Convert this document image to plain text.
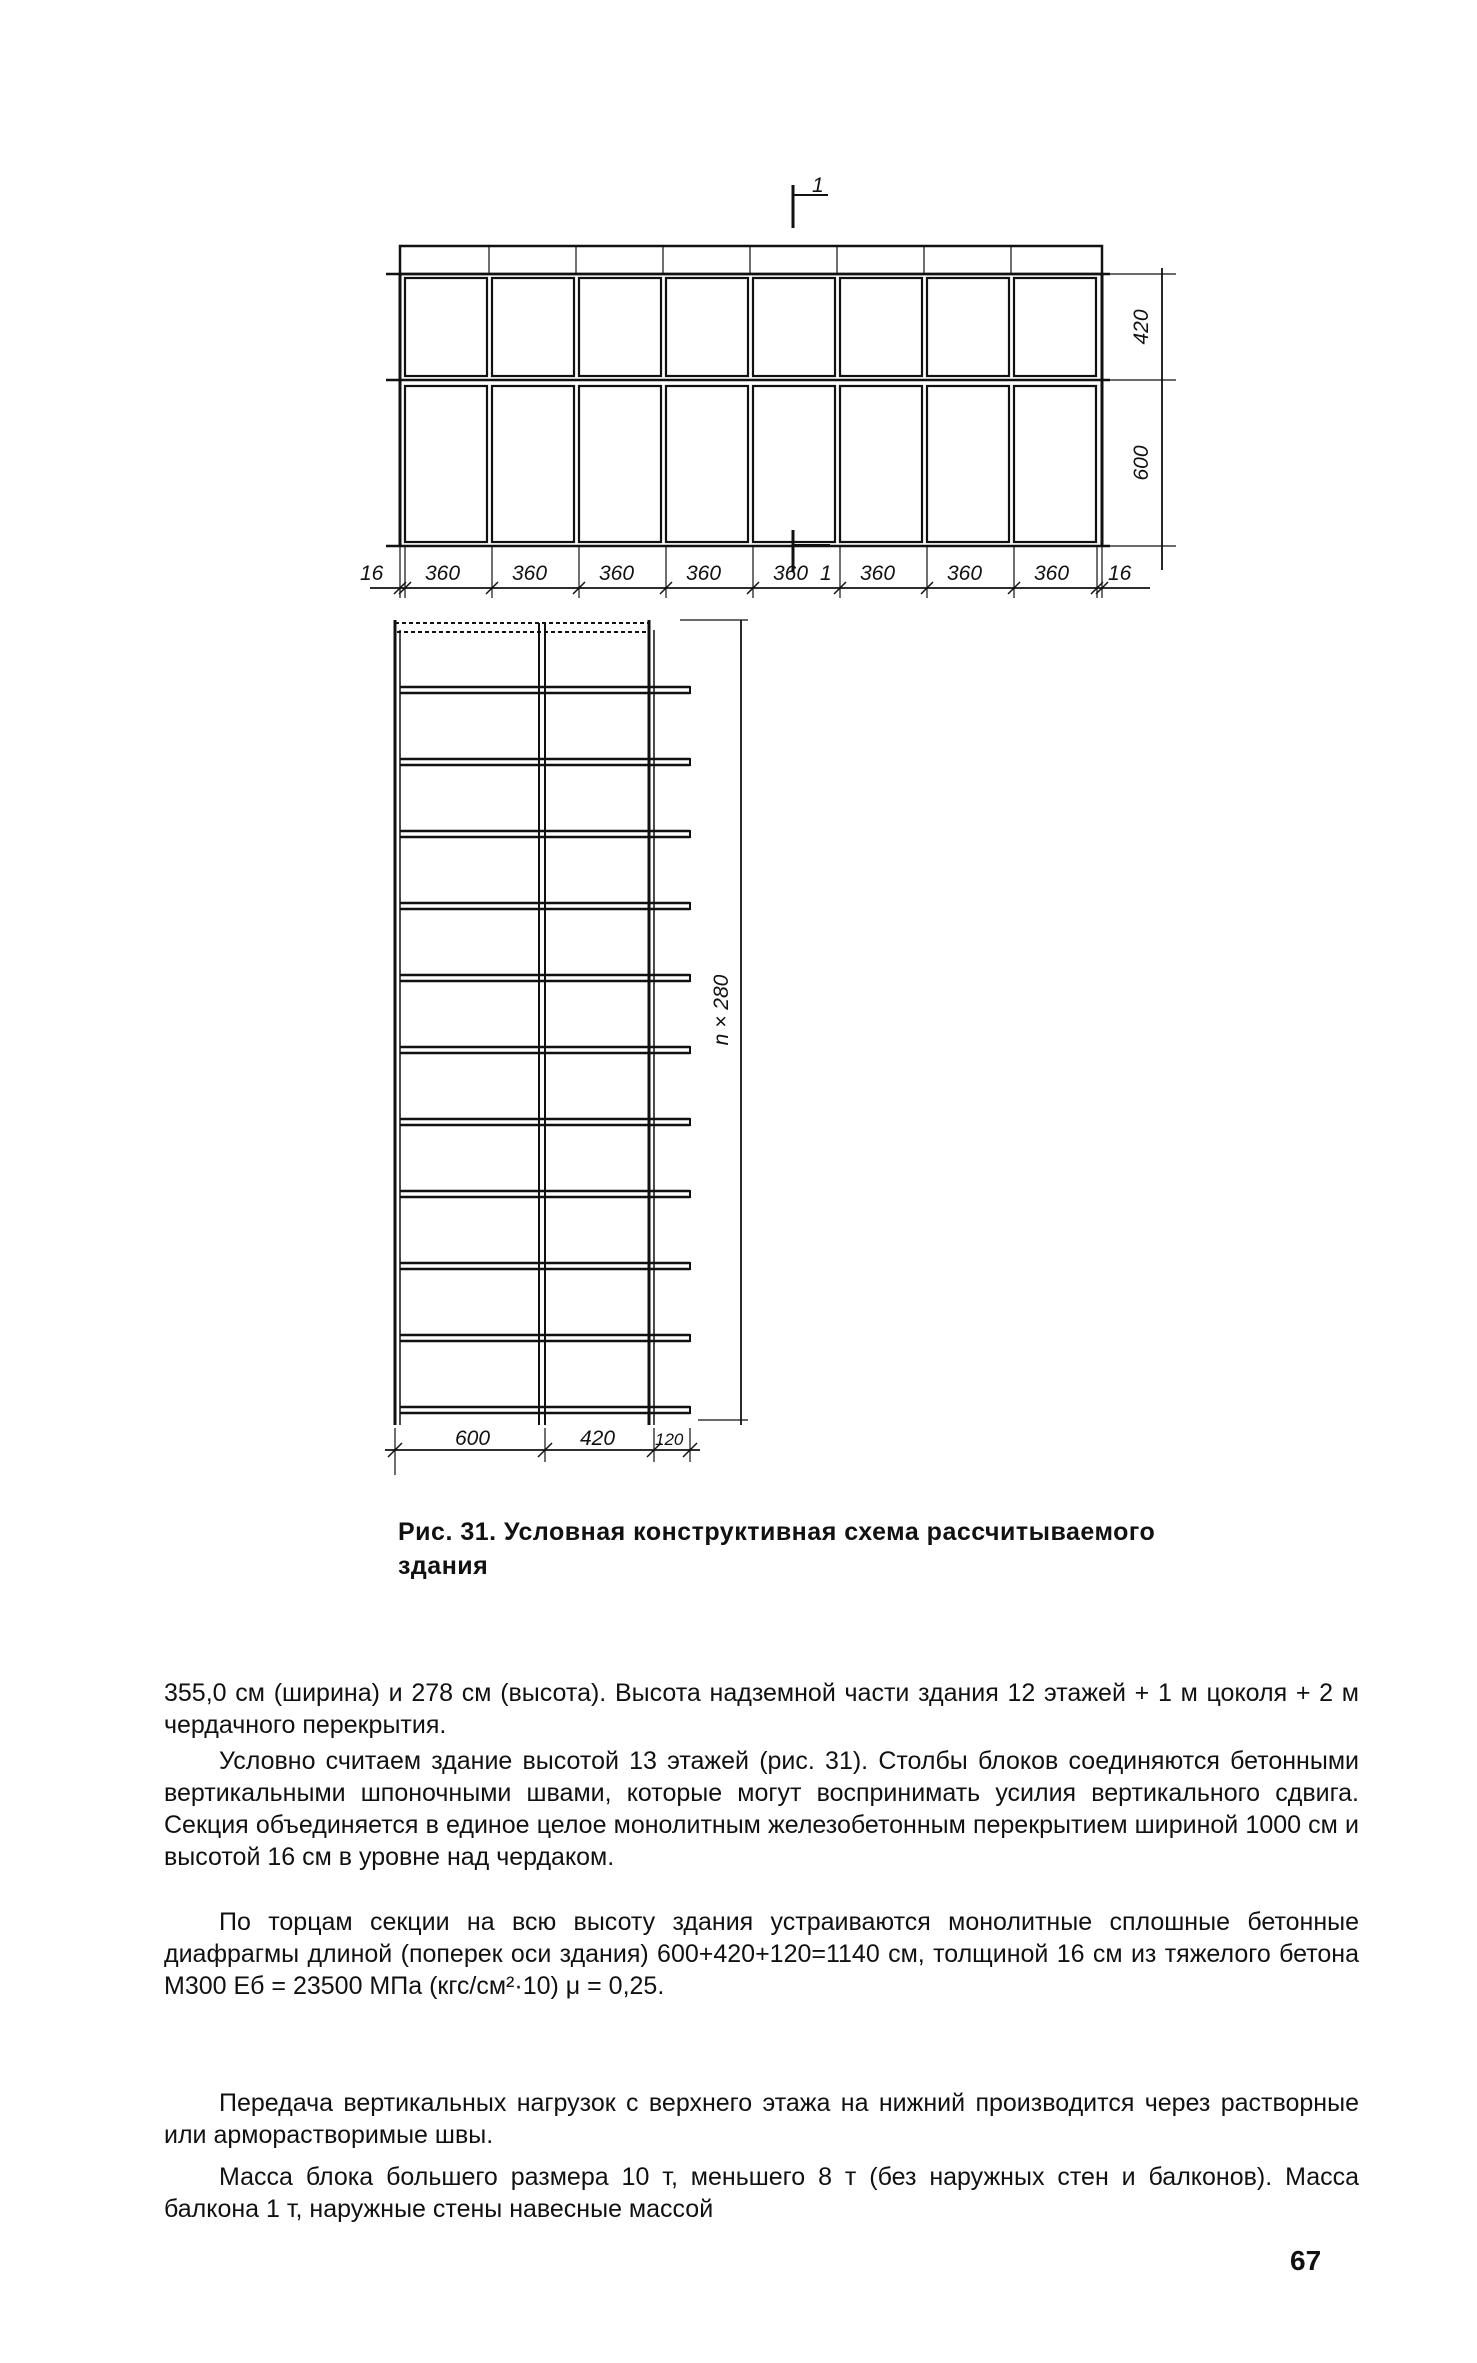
1
1
420
600
16 360 360 360 360 360 360 360 360 16
n × 280
600	420 120
Рис. 31. Условная конструктивная схема рассчитываемого здания

355,0 см (ширина) и 278 см (высота). Высота надземной части здания 12 этажей + 1 м цоколя + 2 м чердачного перекрытия.

Условно считаем здание высотой 13 этажей (рис. 31). Столбы блоков соединяются бетонными вертикальными шпоночными швами, которые могут воспринимать усилия вертикального сдвига. Секция объединяется в единое целое монолитным железобетонным перекрытием шириной 1000 см и высотой 16 см в уровне над чердаком.

По торцам секции на всю высоту здания устраиваются монолитные сплошные бетонные диафрагмы длиной (поперек оси здания) 600+420+120=1140 см, толщиной 16 см из тяжелого бетона М300 Eб = 23500 МПа (кгс/см²·10) μ = 0,25.

Передача вертикальных нагрузок с верхнего этажа на нижний производится через растворные или арморастворимые швы.

Масса блока большего размера 10 т, меньшего 8 т (без наружных стен и балконов). Масса балкона 1 т, наружные стены навесные массой

67
